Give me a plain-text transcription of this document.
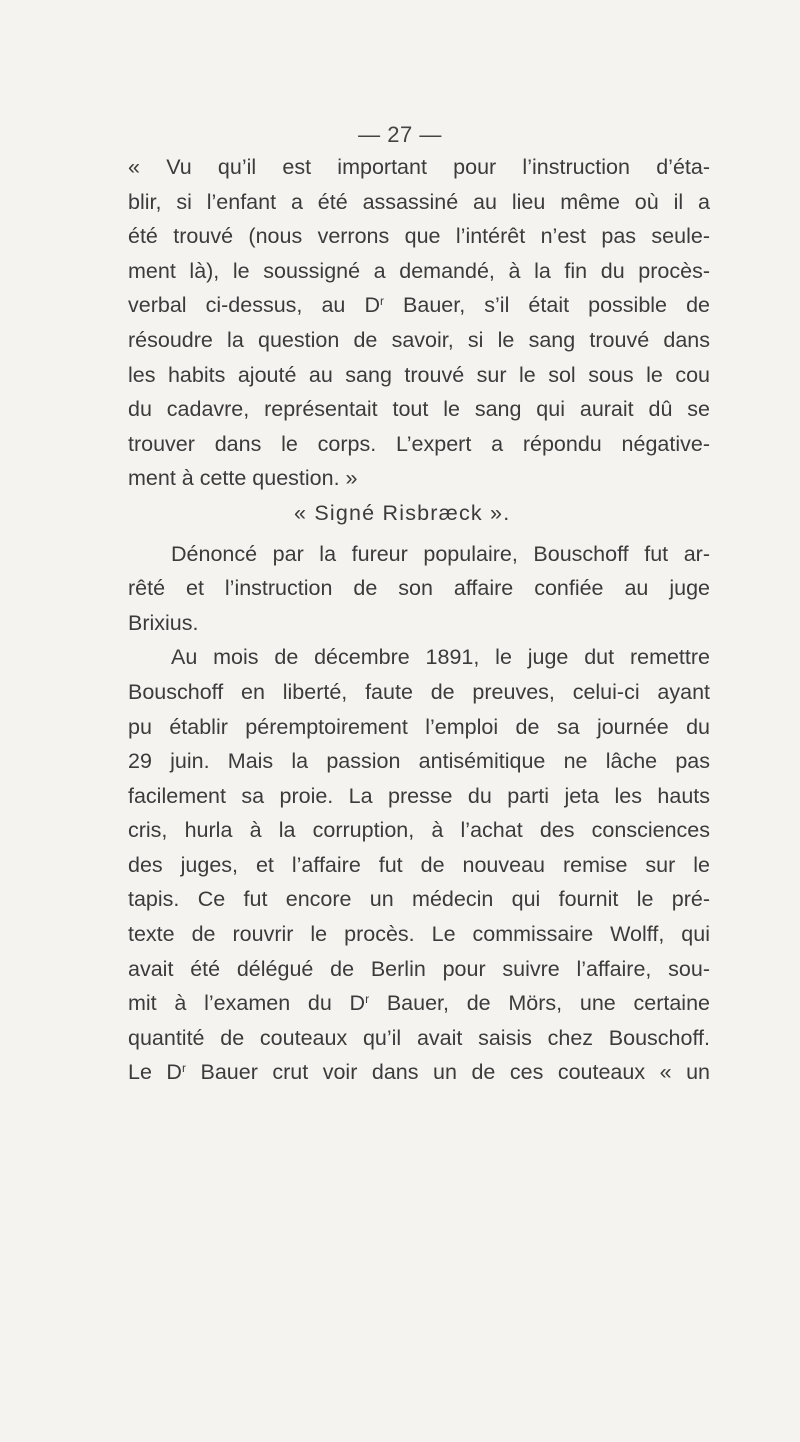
— 27 —
« Vu qu’il est important pour l’instruction d’éta-
blir, si l’enfant a été assassiné au lieu même où il a
été trouvé (nous verrons que l’intérêt n’est pas seule-
ment là), le soussigné a demandé, à la fin du procès-
verbal ci-dessus, au $D^r$ Bauer, s’il était possible de
résoudre la question de savoir, si le sang trouvé dans
les habits ajouté au sang trouvé sur le sol sous le cou
du cadavre, représentait tout le sang qui aurait dû se
trouver dans le corps. L’expert a répondu négative-
ment à cette question. »
« Signé Risbræck ».
Dénoncé par la fureur populaire, Bouschoff fut ar-
rêté et l’instruction de son affaire confiée au juge
Brixius.
Au mois de décembre 1891, le juge dut remettre
Bouschoff en liberté, faute de preuves, celui-ci ayant
pu établir péremptoirement l’emploi de sa journée du
29 juin. Mais la passion antisémitique ne lâche pas
facilement sa proie. La presse du parti jeta les hauts
cris, hurla à la corruption, à l’achat des consciences
des juges, et l’affaire fut de nouveau remise sur le
tapis. Ce fut encore un médecin qui fournit le pré-
texte de rouvrir le procès. Le commissaire Wolff, qui
avait été délégué de Berlin pour suivre l’affaire, sou-
mit à l’examen du $D^r$ Bauer, de Mörs, une certaine
quantité de couteaux qu’il avait saisis chez Bouschoff.
Le $D^r$ Bauer crut voir dans un de ces couteaux « un
